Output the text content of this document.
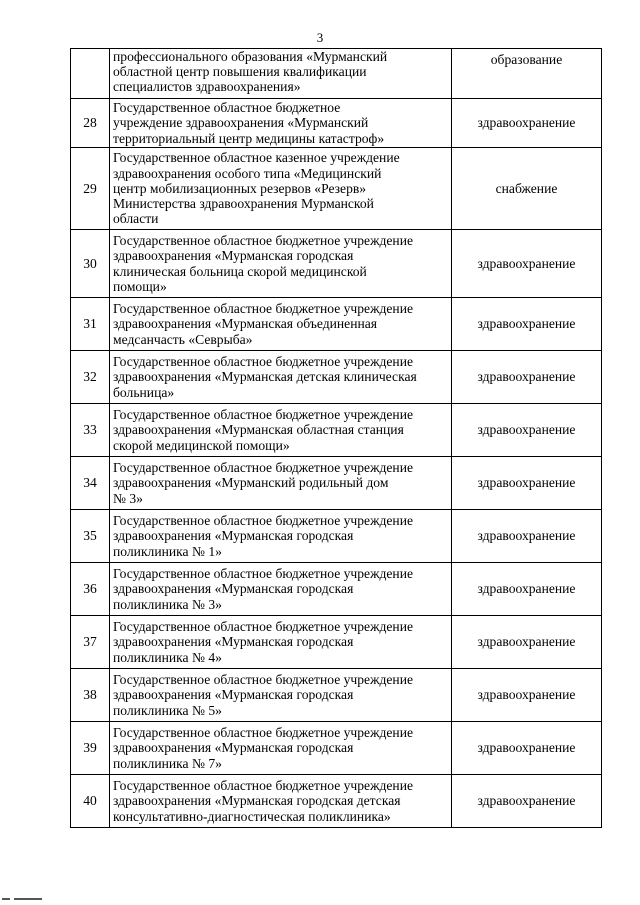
3

	профессионального образования «Мурманский
областной центр повышения квалификации
специалистов здравоохранения»	образование
28	Государственное областное бюджетное
учреждение здравоохранения «Мурманский
территориальный центр медицины катастроф»	здравоохранение
29	Государственное областное казенное учреждение
здравоохранения особого типа «Медицинский
центр мобилизационных резервов «Резерв»
Министерства здравоохранения Мурманской
области	снабжение
30	Государственное областное бюджетное учреждение
здравоохранения «Мурманская городская
клиническая больница скорой медицинской
помощи»	здравоохранение
31	Государственное областное бюджетное учреждение
здравоохранения «Мурманская объединенная
медсанчасть «Севрыба»	здравоохранение
32	Государственное областное бюджетное учреждение
здравоохранения «Мурманская детская клиническая
больница»	здравоохранение
33	Государственное областное бюджетное учреждение
здравоохранения «Мурманская областная станция
скорой медицинской помощи»	здравоохранение
34	Государственное областное бюджетное учреждение
здравоохранения «Мурманский родильный дом
№ 3»	здравоохранение
35	Государственное областное бюджетное учреждение
здравоохранения «Мурманская городская
поликлиника № 1»	здравоохранение
36	Государственное областное бюджетное учреждение
здравоохранения «Мурманская городская
поликлиника № 3»	здравоохранение
37	Государственное областное бюджетное учреждение
здравоохранения «Мурманская городская
поликлиника № 4»	здравоохранение
38	Государственное областное бюджетное учреждение
здравоохранения «Мурманская городская
поликлиника № 5»	здравоохранение
39	Государственное областное бюджетное учреждение
здравоохранения «Мурманская городская
поликлиника № 7»	здравоохранение
40	Государственное областное бюджетное учреждение
здравоохранения «Мурманская городская детская
консультативно-диагностическая поликлиника»	здравоохранение
